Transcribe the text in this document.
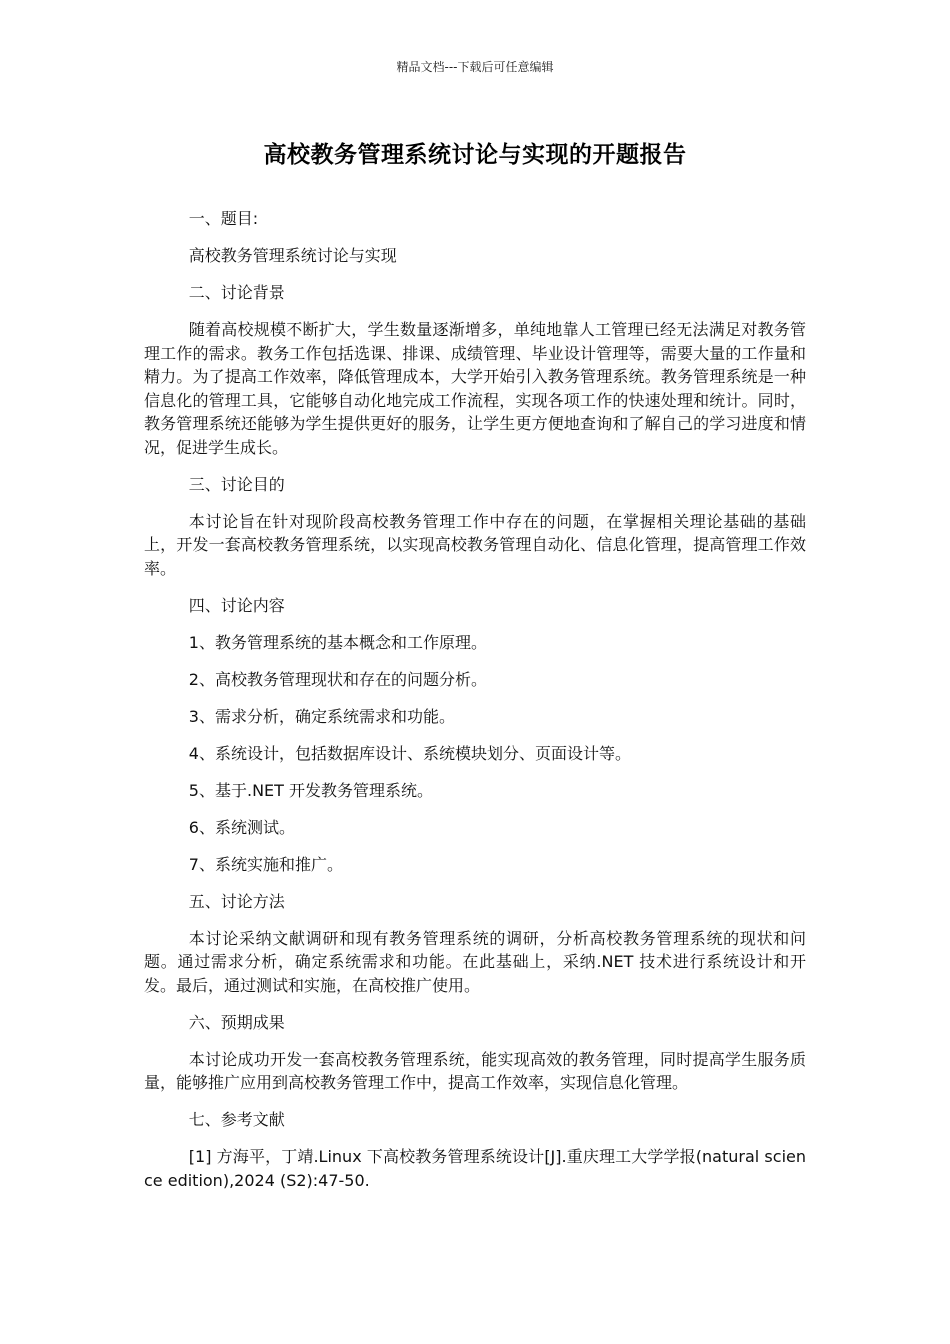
精品文档---下载后可任意编辑
高校教务管理系统讨论与实现的开题报告

一、题目:

高校教务管理系统讨论与实现

二、讨论背景

随着高校规模不断扩大，学生数量逐渐增多，单纯地靠人工管理已经无法满足对教务管理工作的需求。教务工作包括选课、排课、成绩管理、毕业设计管理等，需要大量的工作量和精力。为了提高工作效率，降低管理成本，大学开始引入教务管理系统。教务管理系统是一种信息化的管理工具，它能够自动化地完成工作流程，实现各项工作的快速处理和统计。同时，教务管理系统还能够为学生提供更好的服务，让学生更方便地查询和了解自己的学习进度和情况，促进学生成长。

三、讨论目的

本讨论旨在针对现阶段高校教务管理工作中存在的问题，在掌握相关理论基础的基础上，开发一套高校教务管理系统，以实现高校教务管理自动化、信息化管理，提高管理工作效率。

四、讨论内容

1、教务管理系统的基本概念和工作原理。

2、高校教务管理现状和存在的问题分析。

3、需求分析，确定系统需求和功能。

4、系统设计，包括数据库设计、系统模块划分、页面设计等。

5、基于.NET 开发教务管理系统。

6、系统测试。

7、系统实施和推广。

五、讨论方法

本讨论采纳文献调研和现有教务管理系统的调研，分析高校教务管理系统的现状和问题。通过需求分析，确定系统需求和功能。在此基础上，采纳.NET 技术进行系统设计和开发。最后，通过测试和实施，在高校推广使用。

六、预期成果

本讨论成功开发一套高校教务管理系统，能实现高效的教务管理，同时提高学生服务质量，能够推广应用到高校教务管理工作中，提高工作效率，实现信息化管理。

七、参考文献

[1] 方海平，丁靖.Linux 下高校教务管理系统设计[J].重庆理工大学学报(natural science edition),2024 (S2):47-50.
